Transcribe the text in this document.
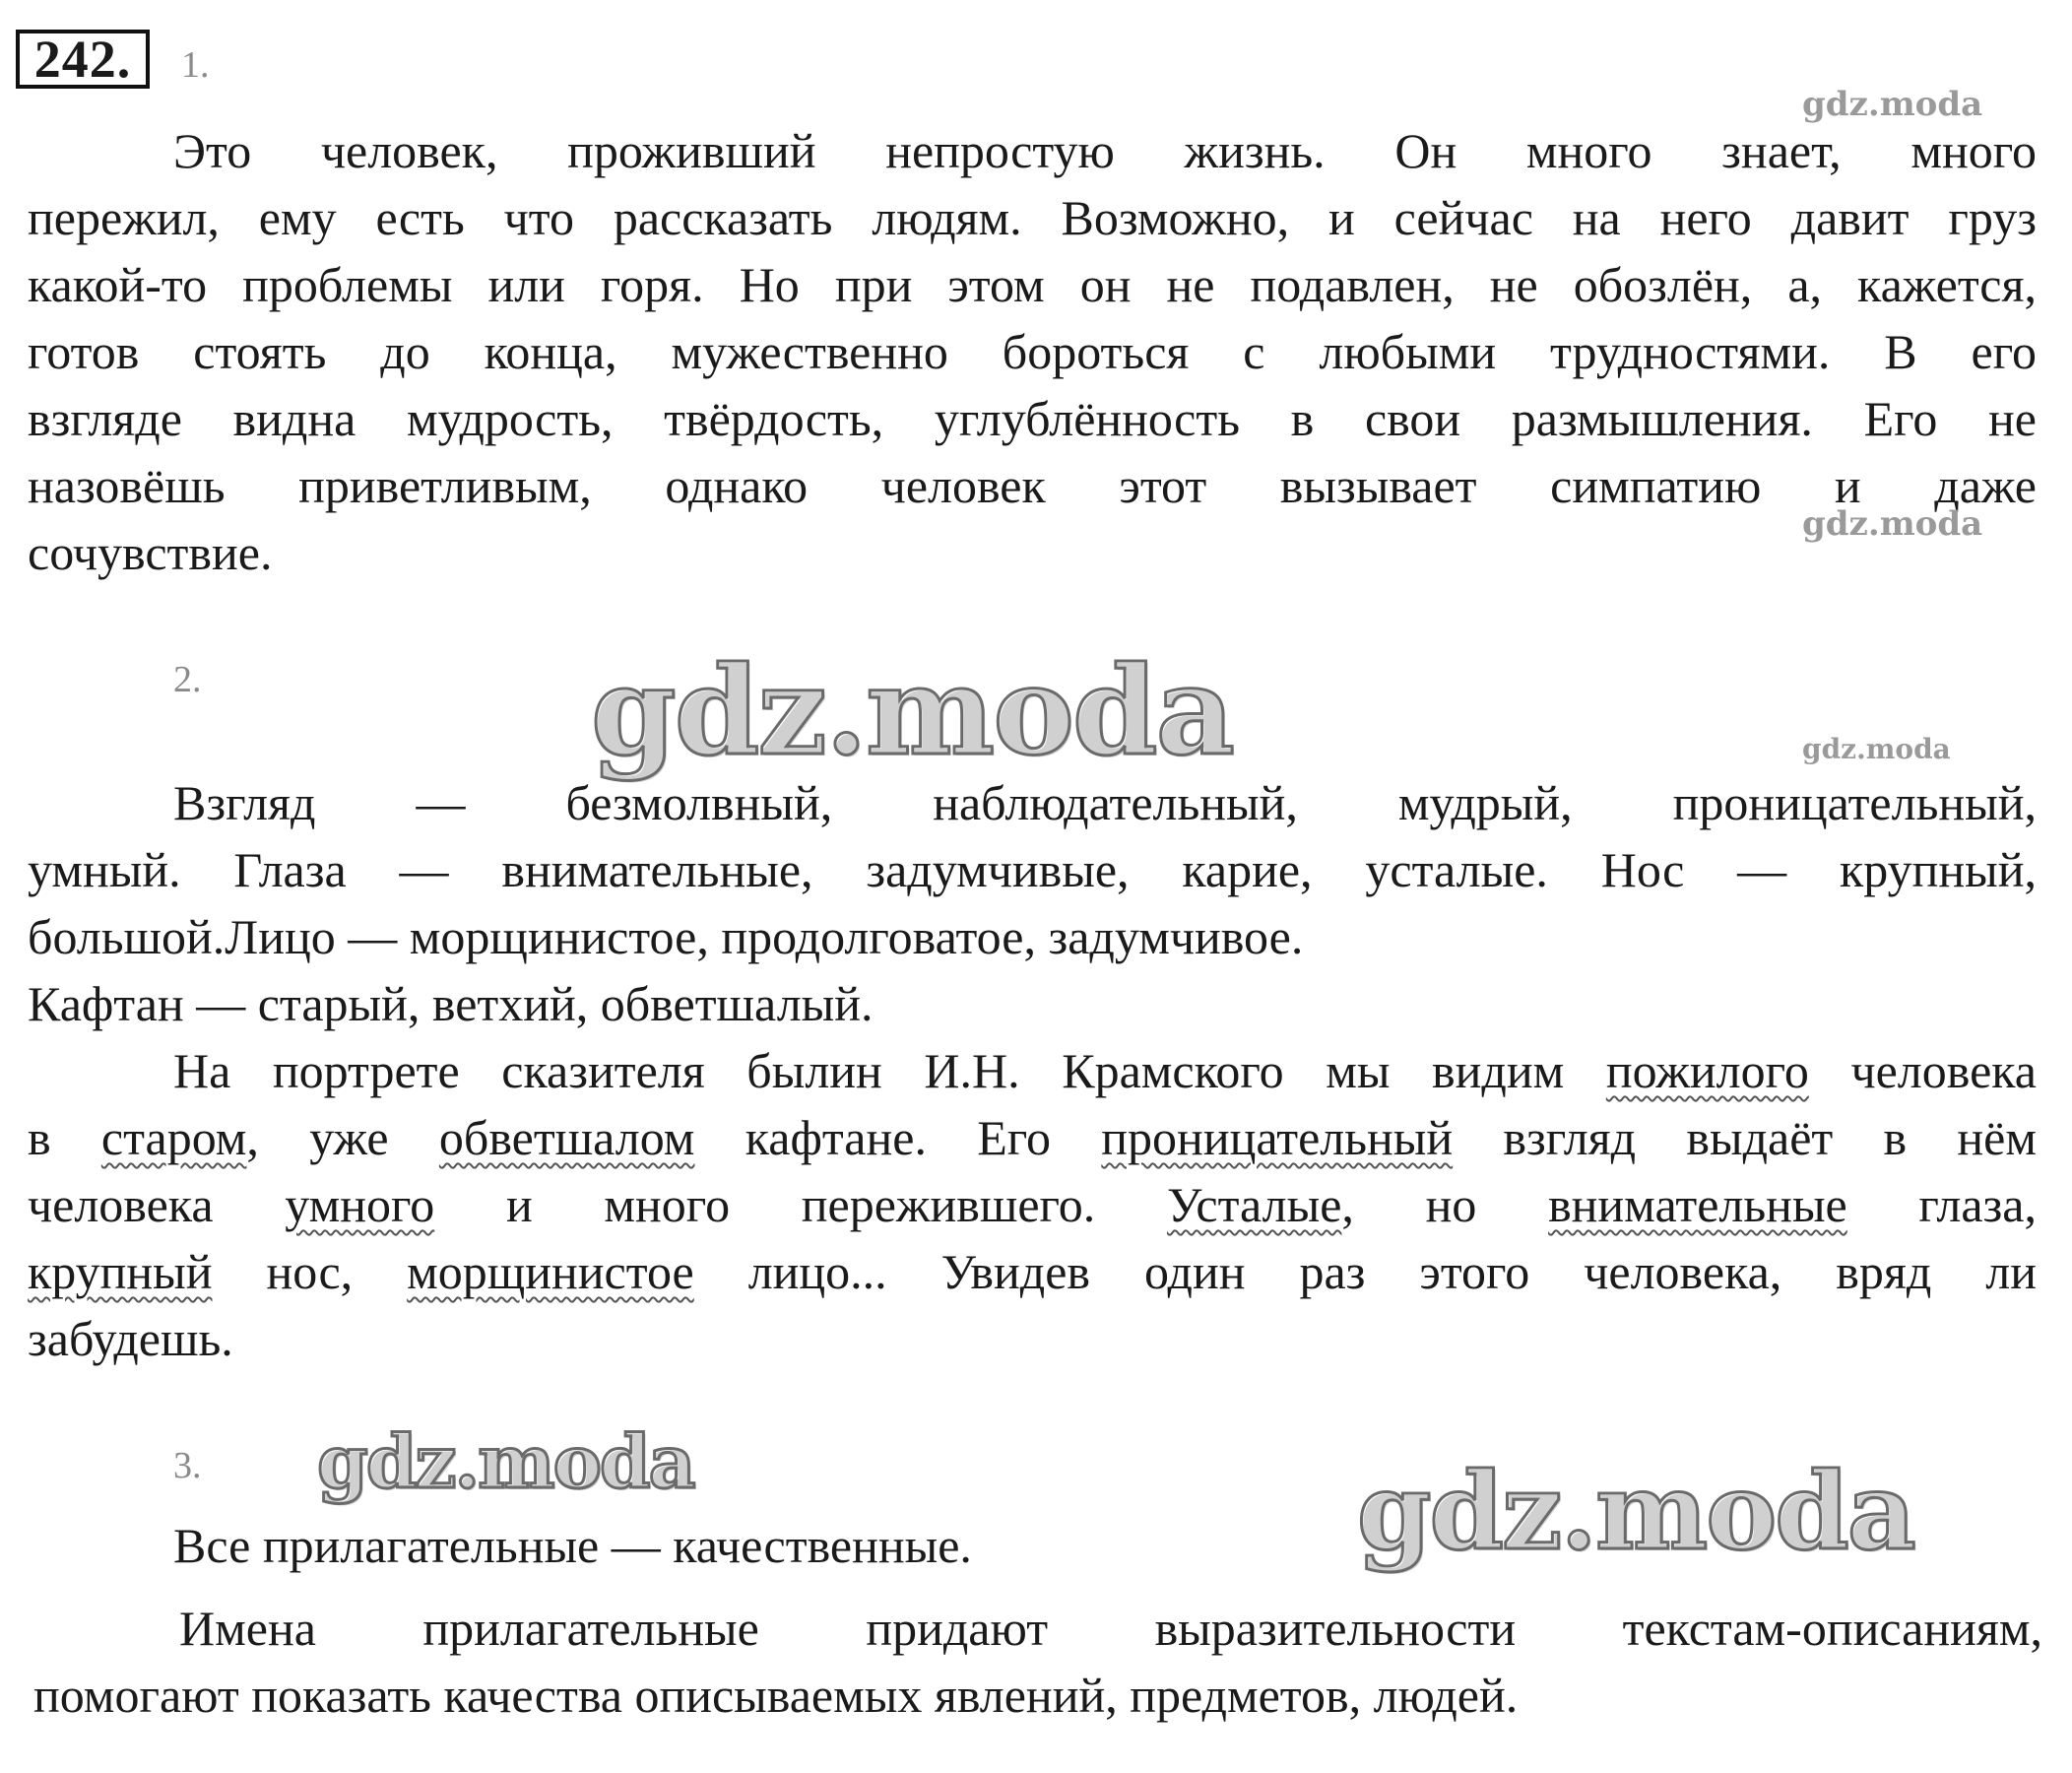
242.	1.
gdz.moda
Это человек, проживший непростую жизнь. Он много знает, много
пережил, ему есть что рассказать людям. Возможно, и сейчас на него давит груз
какой-то проблемы или горя. Но при этом он не подавлен, не обозлён, а, кажется,
готов стоять до конца, мужественно бороться с любыми трудностями. В его
взгляде видна мудрость, твёрдость, углублённость в свои размышления. Его не
назовёшь приветливым, однако человек этот вызывает симпатию и даже
сочувствие.
gdz.moda
2.	gdz.moda	gdz.moda
Взгляд — безмолвный, наблюдательный, мудрый, проницательный,
умный. Глаза — внимательные, задумчивые, карие, усталые. Нос — крупный,
большой.Лицо — морщинистое, продолговатое, задумчивое.
Кафтан — старый, ветхий, обветшалый.
На портрете сказителя былин И.Н. Крамского мы видим пожилого человека
в старом, уже обветшалом кафтане. Его проницательный взгляд выдаёт в нём
человека умного и много пережившего. Усталые, но внимательные глаза,
крупный нос, морщинистое лицо... Увидев один раз этого человека, вряд ли
забудешь.
3. gdz.moda	gdz.moda
Все прилагательные — качественные.
Имена прилагательные придают выразительности текстам-описаниям,
помогают показать качества описываемых явлений, предметов, людей.
